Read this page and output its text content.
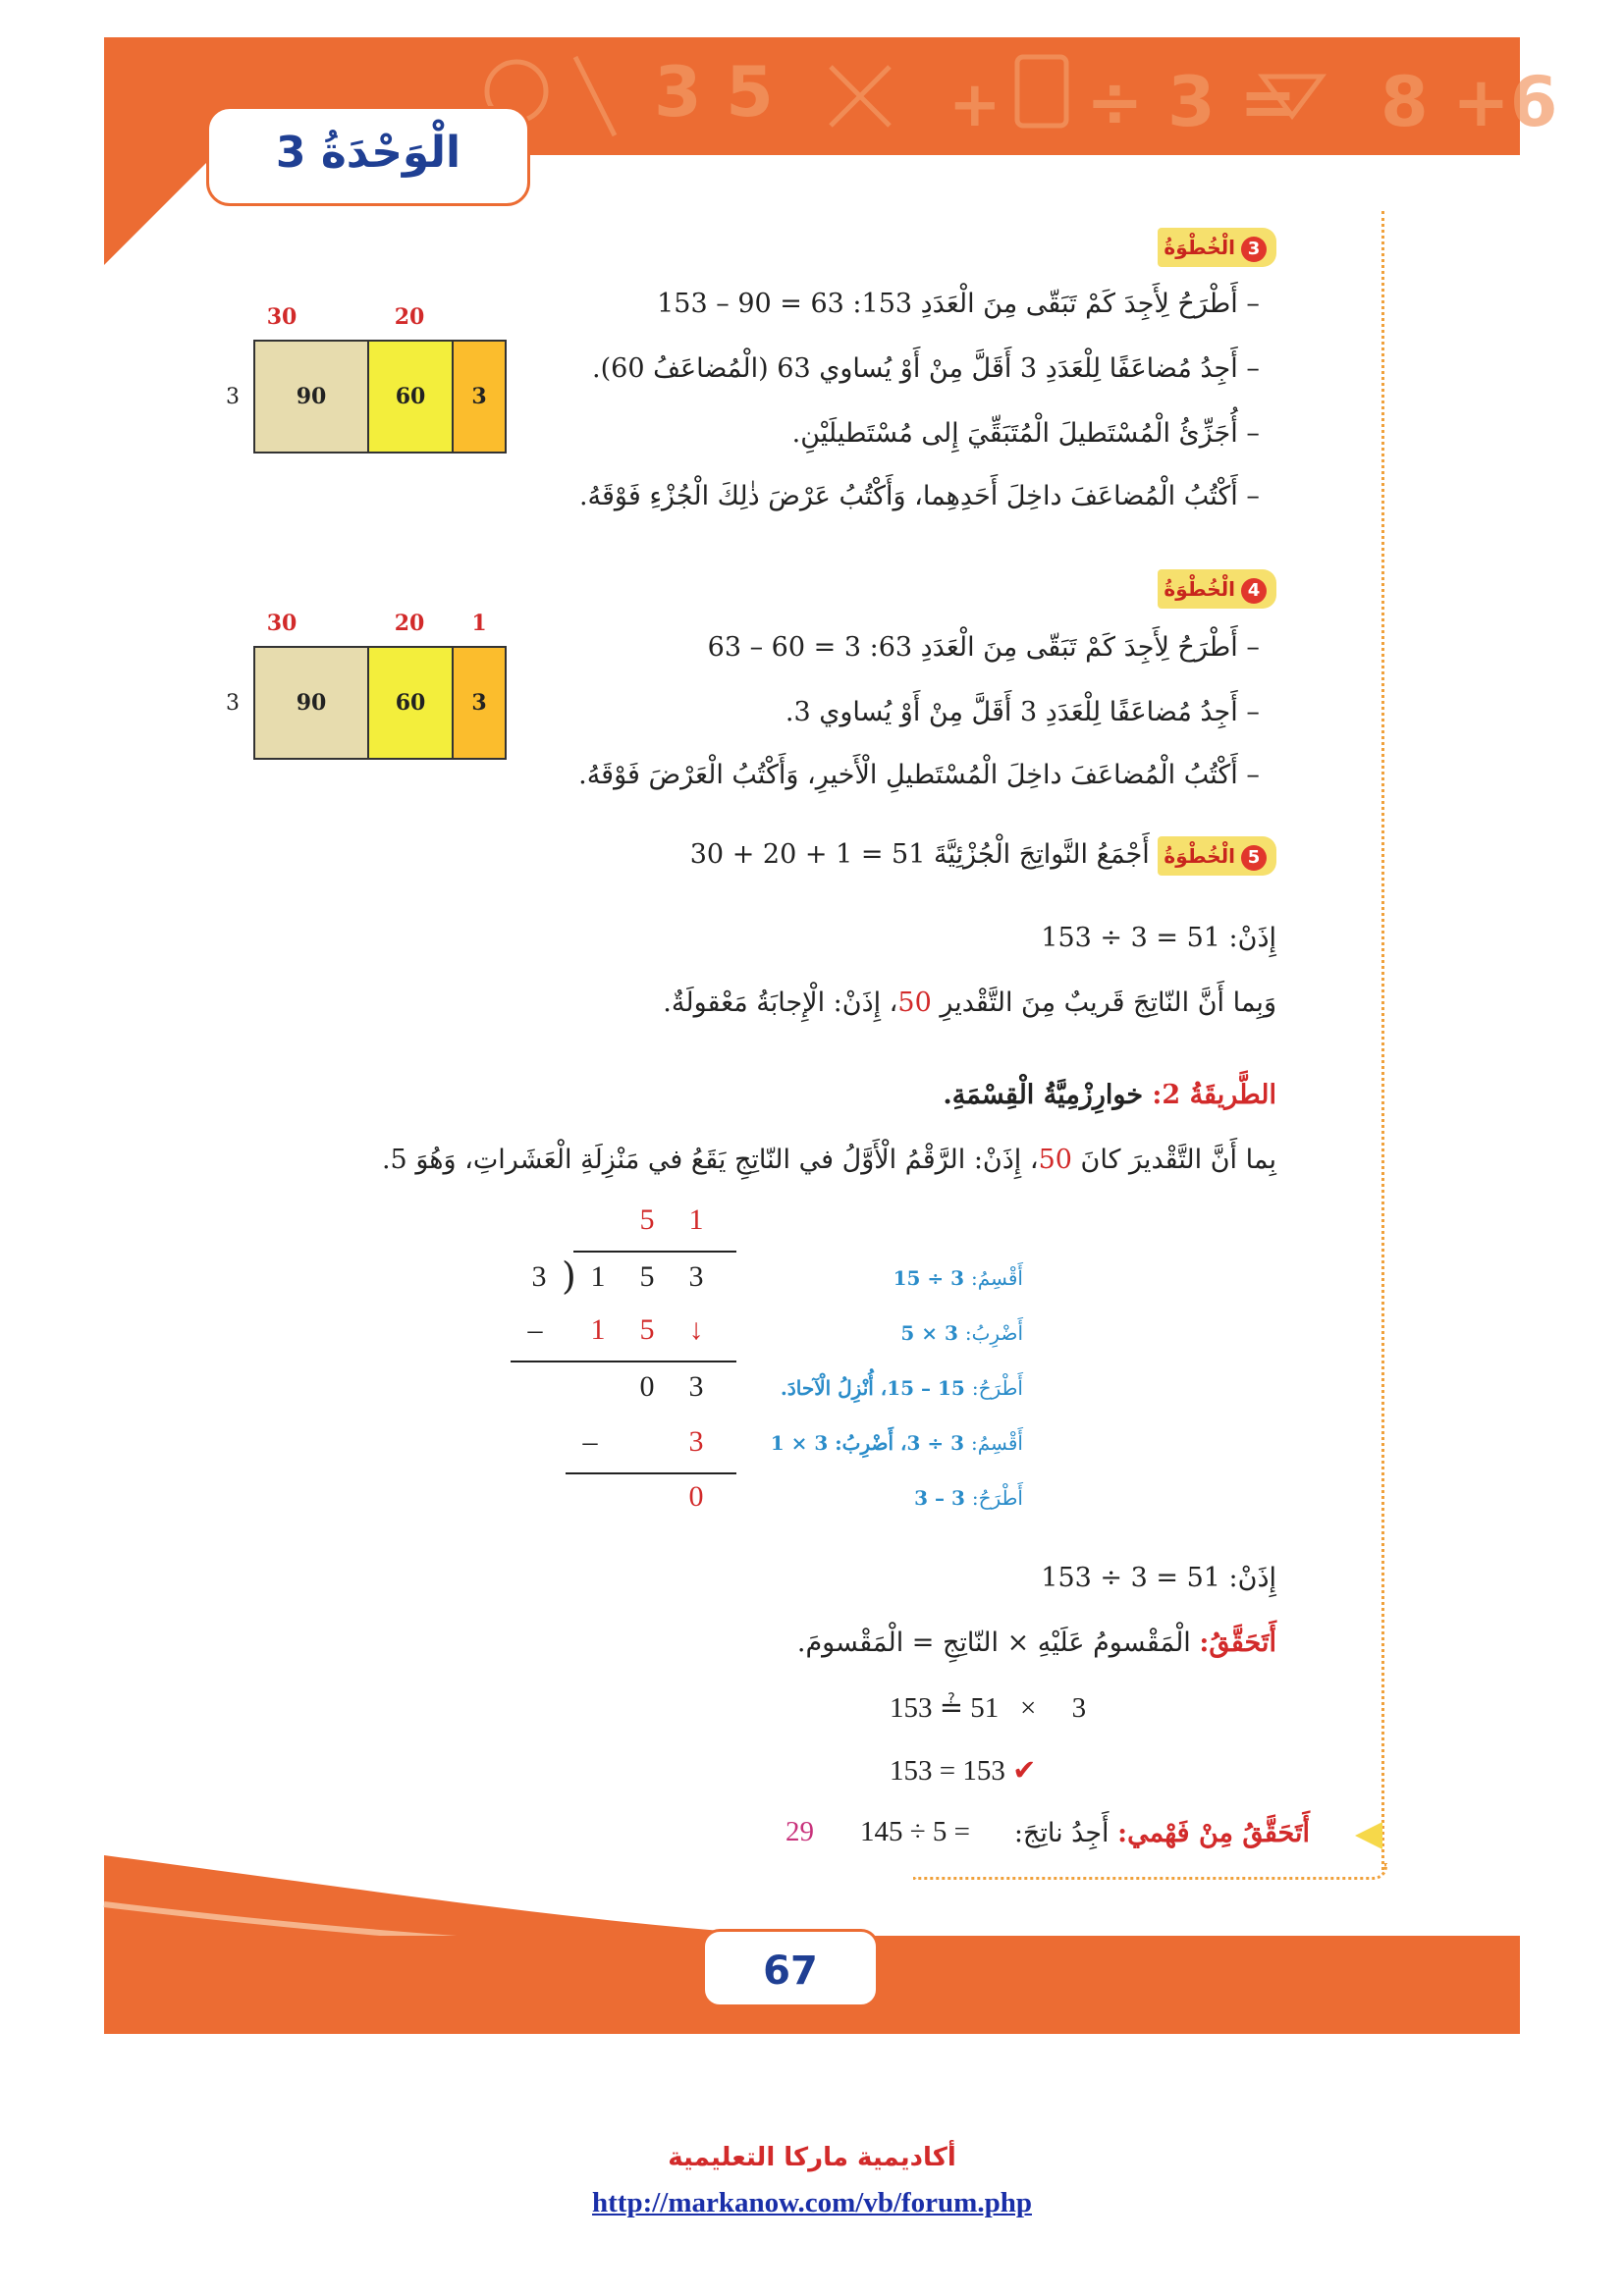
3 5	+ ÷ 3 = 8 +6
الْوَحْدَةُ 3
3الْخُطْوَةُ
– أَطْرَحُ لِأَجِدَ كَمْ تَبَقّى مِنَ الْعَدَدِ 153: 63 = 90 – 153
– أَجِدُ مُضاعَفًا لِلْعَدَدِ 3 أَقَلَّ مِنْ أَوْ يُساوي 63 (الْمُضاعَفُ 60).
– أُجَزِّئُ الْمُسْتَطيلَ الْمُتَبَقِّيَ إِلى مُسْتَطيلَيْنِ.
– أَكْتُبُ الْمُضاعَفَ داخِلَ أَحَدِهِما، وَأَكْتُبُ عَرْضَ ذٰلِكَ الْجُزْءِ فَوْقَهُ.
30	20
3	90	60	3
4الْخُطْوَةُ
– أَطْرَحُ لِأَجِدَ كَمْ تَبَقّى مِنَ الْعَدَدِ 63: 3 = 60 – 63
– أَجِدُ مُضاعَفًا لِلْعَدَدِ 3 أَقَلَّ مِنْ أَوْ يُساوي 3.
– أَكْتُبُ الْمُضاعَفَ داخِلَ الْمُسْتَطيلِ الْأَخيرِ، وَأَكْتُبُ الْعَرْضَ فَوْقَهُ.
30	20	1
3	90	60	3
5الْخُطْوَةُ أَجْمَعُ النَّواتِجَ الْجُزْئِيَّةَ 51 = 1 + 20 + 30
إِذَنْ: 51 = 3 ÷ 153
وَبِما أَنَّ النّاتِجَ قَريبٌ مِنَ التَّقْديرِ 50، إِذَنْ: الْإِجابَةُ مَعْقولَةٌ.
الطَّريقَةُ 2: خوارِزْمِيَّةُ الْقِسْمَةِ.
بِما أَنَّ التَّقْديرَ كانَ 50، إِذَنْ: الرَّقْمُ الْأَوَّلُ في النّاتِجِ يَقَعُ في مَنْزِلَةِ الْعَشَراتِ، وَهُوَ 5.
5	1
3 ) 1	5	3
–	1	5	↓
0	3
–	3
0
أَقْسِمُ: 3 ÷ 15
أَضْرِبُ: 3 × 5
أَطْرَحُ: 15 – 15، أُنْزِلُ الْآحادَ.
أَقْسِمُ: 3 ÷ 3، أَضْرِبُ: 3 × 1
أَطْرَحُ: 3 – 3
إِذَنْ: 51 = 3 ÷ 153
أَتَحَقَّقُ: الْمَقْسومُ عَلَيْهِ × النّاتِجِ = الْمَقْسومَ.
153 ≟ 51   ×     3
153 = 153 ✔
أَتَحَقَّقُ مِنْ فَهْمي: أَجِدُ ناتِجَ:
145 ÷ 5 =
29
67
أكاديمية ماركا التعليمية
http://markanow.com/vb/forum.php
